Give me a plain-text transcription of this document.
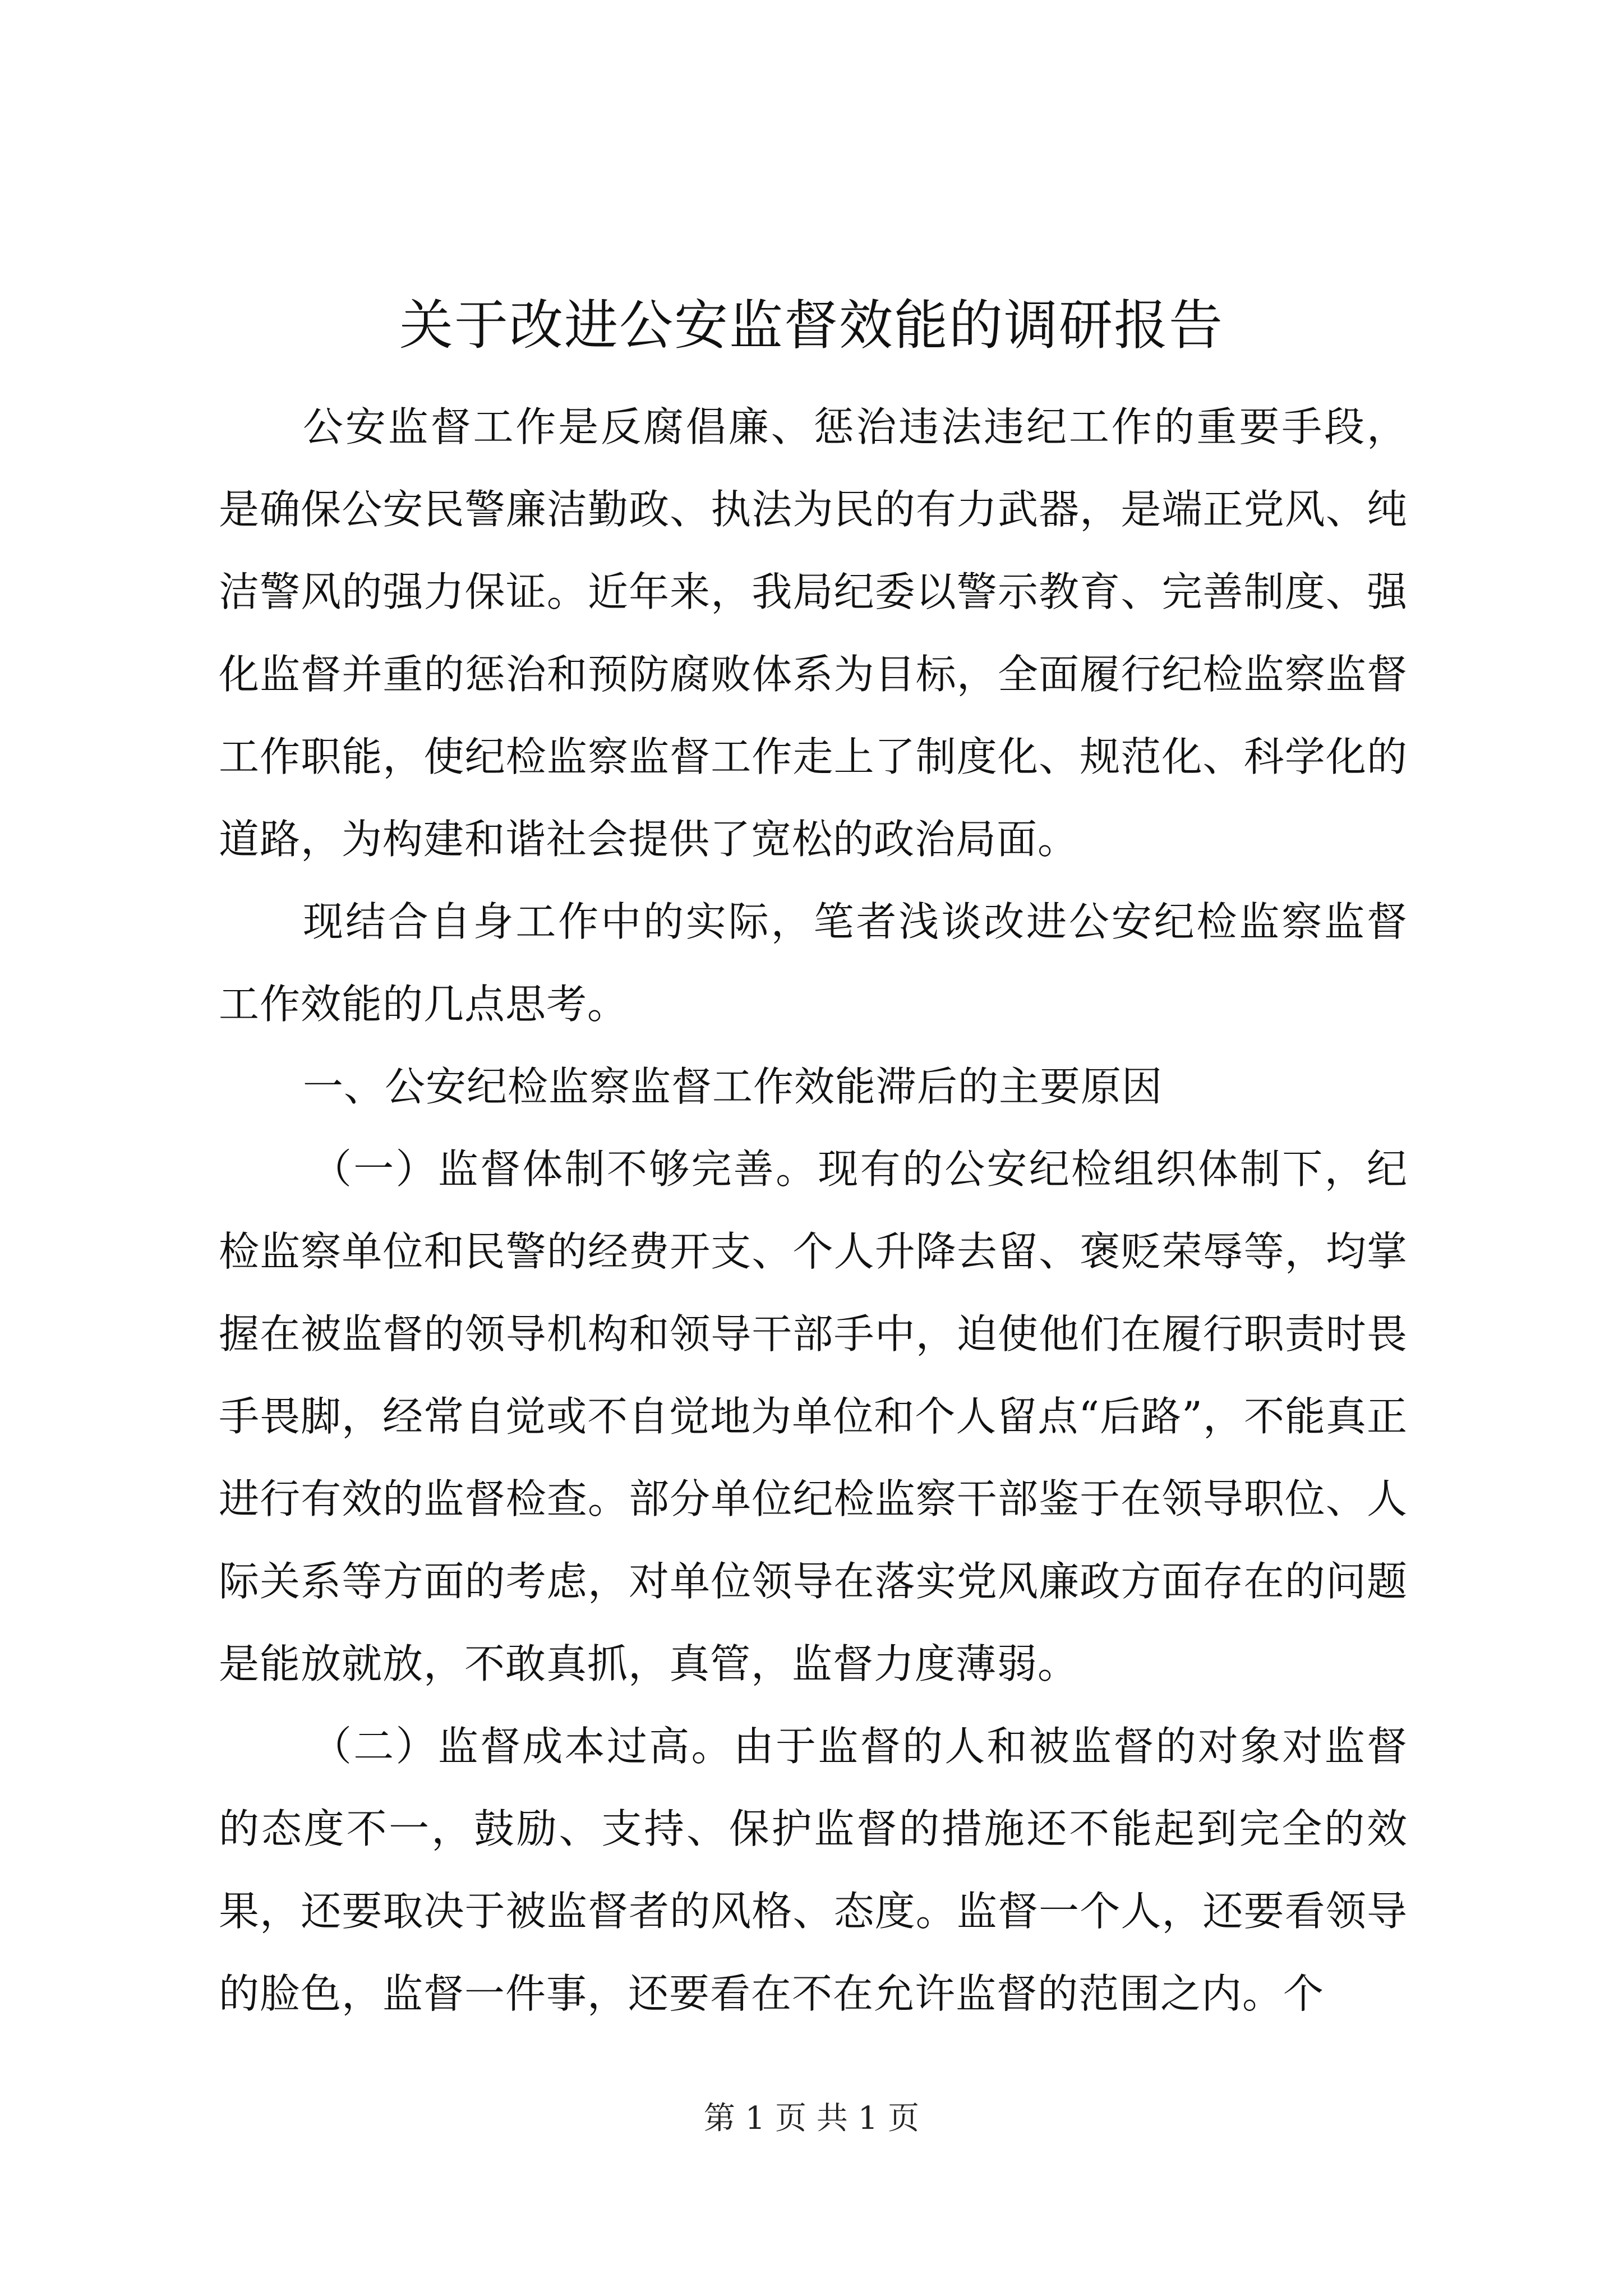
关于改进公安监督效能的调研报告

公安监督工作是反腐倡廉、惩治违法违纪工作的重要手段，是确保公安民警廉洁勤政、执法为民的有力武器，是端正党风、纯洁警风的强力保证。近年来，我局纪委以警示教育、完善制度、强化监督并重的惩治和预防腐败体系为目标，全面履行纪检监察监督工作职能，使纪检监察监督工作走上了制度化、规范化、科学化的道路，为构建和谐社会提供了宽松的政治局面。

现结合自身工作中的实际，笔者浅谈改进公安纪检监察监督工作效能的几点思考。

一、公安纪检监察监督工作效能滞后的主要原因

（一）监督体制不够完善。现有的公安纪检组织体制下，纪检监察单位和民警的经费开支、个人升降去留、褒贬荣辱等，均掌握在被监督的领导机构和领导干部手中，迫使他们在履行职责时畏手畏脚，经常自觉或不自觉地为单位和个人留点“后路”，不能真正进行有效的监督检查。部分单位纪检监察干部鉴于在领导职位、人际关系等方面的考虑，对单位领导在落实党风廉政方面存在的问题是能放就放，不敢真抓，真管，监督力度薄弱。

（二）监督成本过高。由于监督的人和被监督的对象对监督的态度不一，鼓励、支持、保护监督的措施还不能起到完全的效果，还要取决于被监督者的风格、态度。监督一个人，还要看领导的脸色，监督一件事，还要看在不在允许监督的范围之内。个

第 1 页 共 1 页
